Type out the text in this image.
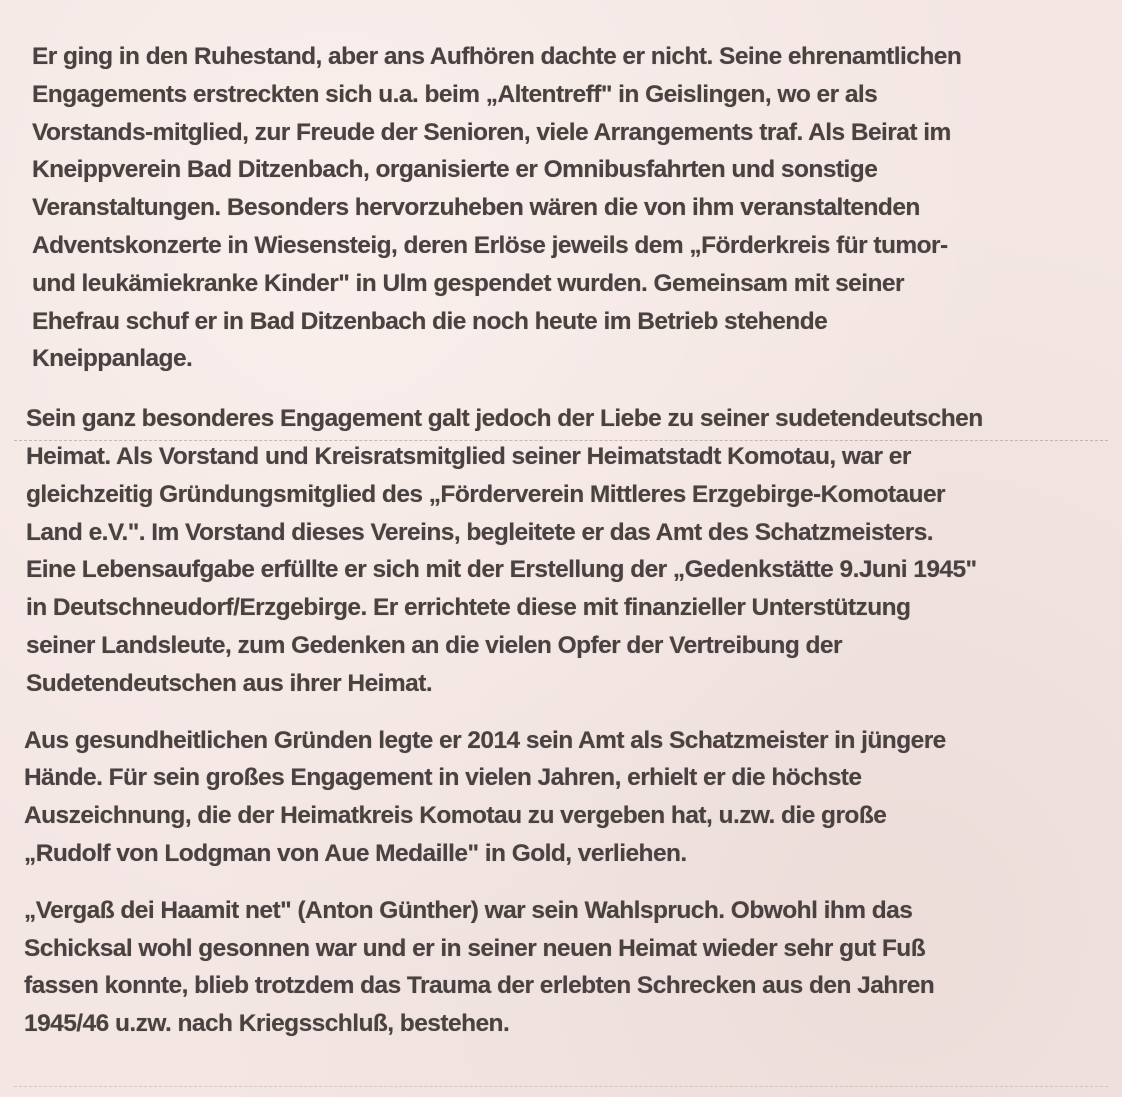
Er ging in den Ruhestand, aber ans Aufhören dachte er nicht. Seine ehrenamtlichen
Engagements erstreckten sich u.a. beim „Altentreff" in Geislingen, wo er als
Vorstands-mitglied, zur Freude der Senioren, viele Arrangements traf. Als Beirat im
Kneippverein Bad Ditzenbach, organisierte er Omnibusfahrten und sonstige
Veranstaltungen. Besonders hervorzuheben wären die von ihm veranstaltenden
Adventskonzerte in Wiesensteig, deren Erlöse jeweils dem „Förderkreis für tumor-
und leukämiekranke Kinder" in Ulm gespendet wurden. Gemeinsam mit seiner
Ehefrau schuf er in Bad Ditzenbach die noch heute im Betrieb stehende
Kneippanlage.

Sein ganz besonderes Engagement galt jedoch der Liebe zu seiner sudetendeutschen
Heimat. Als Vorstand und Kreisratsmitglied seiner Heimatstadt Komotau, war er
gleichzeitig Gründungsmitglied des „Förderverein Mittleres Erzgebirge-Komotauer
Land e.V.". Im Vorstand dieses Vereins, begleitete er das Amt des Schatzmeisters.
Eine Lebensaufgabe erfüllte er sich mit der Erstellung der „Gedenkstätte 9.Juni 1945"
in Deutschneudorf/Erzgebirge. Er errichtete diese mit finanzieller Unterstützung
seiner Landsleute, zum Gedenken an die vielen Opfer der Vertreibung der
Sudetendeutschen aus ihrer Heimat.

Aus gesundheitlichen Gründen legte er 2014 sein Amt als Schatzmeister in jüngere
Hände. Für sein großes Engagement in vielen Jahren, erhielt er die höchste
Auszeichnung, die der Heimatkreis Komotau zu vergeben hat, u.zw. die große
„Rudolf von Lodgman von Aue Medaille" in Gold, verliehen.

„Vergaß dei Haamit net" (Anton Günther) war sein Wahlspruch. Obwohl ihm das
Schicksal wohl gesonnen war und er in seiner neuen Heimat wieder sehr gut Fuß
fassen konnte, blieb trotzdem das Trauma der erlebten Schrecken aus den Jahren
1945/46 u.zw. nach Kriegsschluß, bestehen.
